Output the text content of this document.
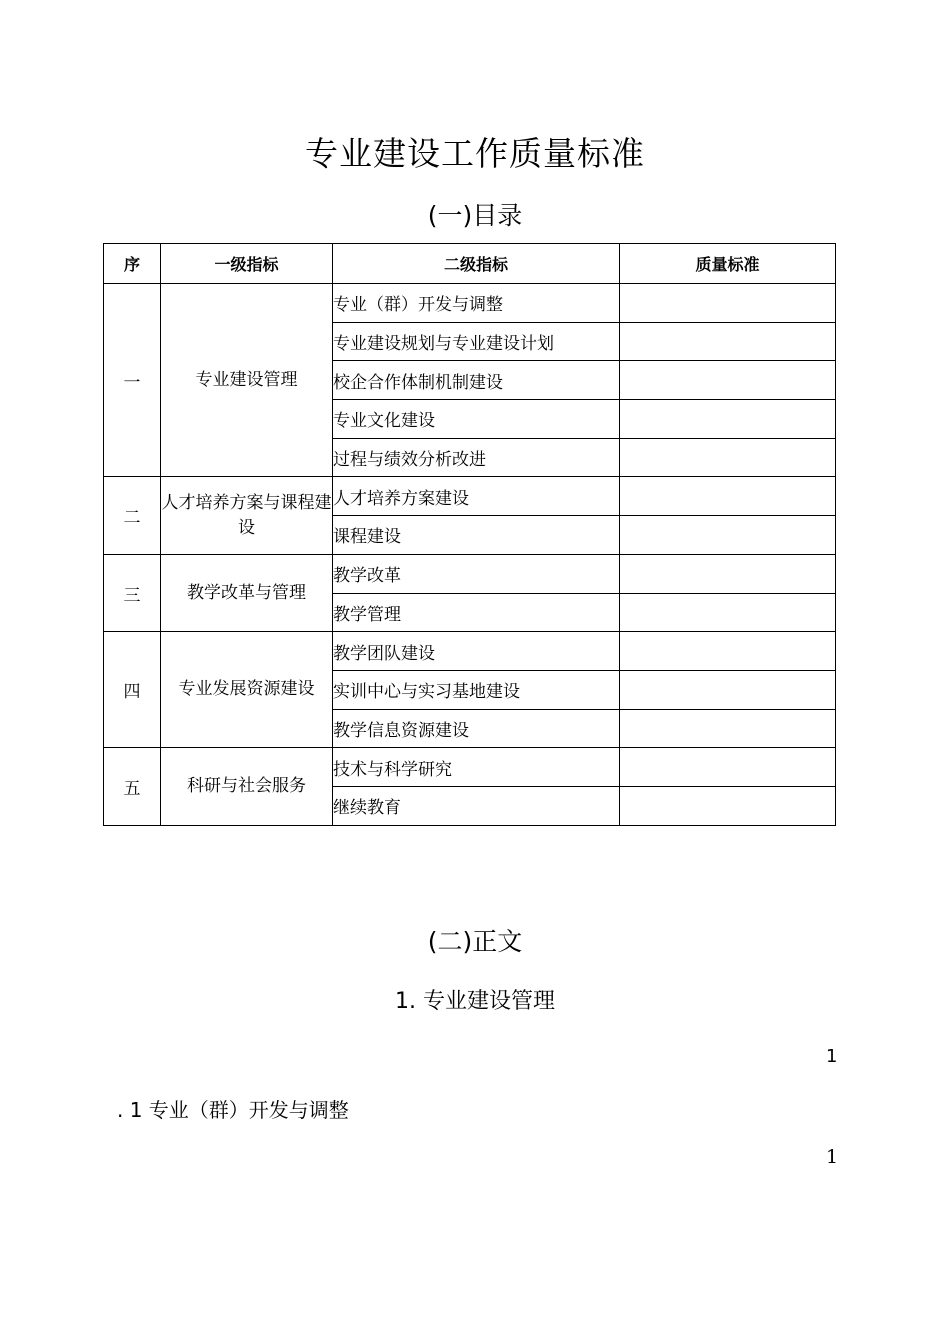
专业建设工作质量标准
(一)目录
序	一级指标	二级指标	质量标准
一	专业建设管理	专业（群）开发与调整	
		专业建设规划与专业建设计划	
		校企合作体制机制建设	
		专业文化建设	
		过程与绩效分析改进	
二	人才培养方案与课程建设	人才培养方案建设	
		课程建设	
三	教学改革与管理	教学改革	
		教学管理	
四	专业发展资源建设	教学团队建设	
		实训中心与实习基地建设	
		教学信息资源建设	
五	科研与社会服务	技术与科学研究	
		继续教育	
(二)正文
1. 专业建设管理
1
. 1 专业（群）开发与调整
1
